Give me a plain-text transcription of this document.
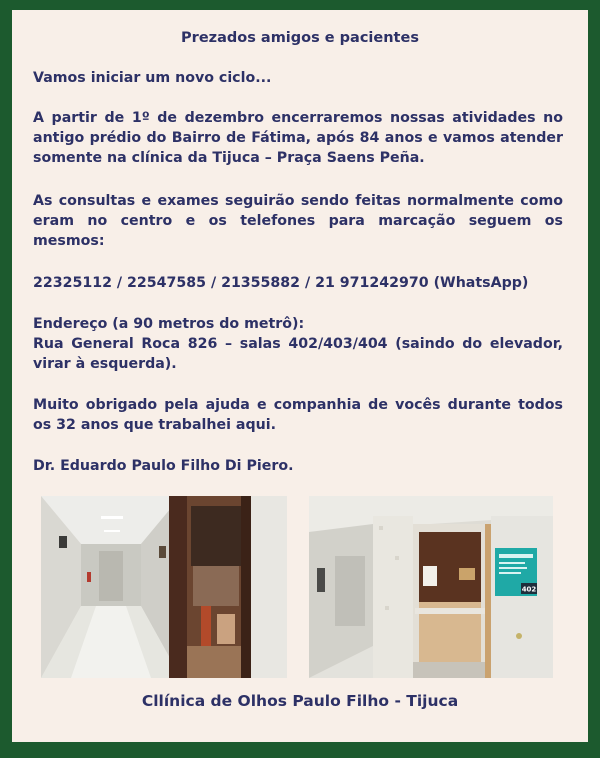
Prezados amigos e pacientes

Vamos iniciar um novo ciclo...

A partir de 1º de dezembro encerraremos nossas atividades no antigo prédio do Bairro de Fátima, após 84 anos e vamos atender somente na clínica da Tijuca – Praça Saens Peña.

As consultas e exames seguirão sendo feitas normalmente como eram no centro e os telefones para marcação seguem os mesmos:

22325112 / 22547585 / 21355882 / 21 971242970 (WhatsApp)

Endereço (a 90 metros do metrô):
Rua General Roca 826 – salas 402/403/404 (saindo do elevador, virar à esquerda).

Muito obrigado pela ajuda e companhia de vocês durante todos os 32 anos que trabalhei aqui.

Dr. Eduardo Paulo Filho Di Piero.

402
Cllínica de Olhos Paulo Filho - Tijuca
